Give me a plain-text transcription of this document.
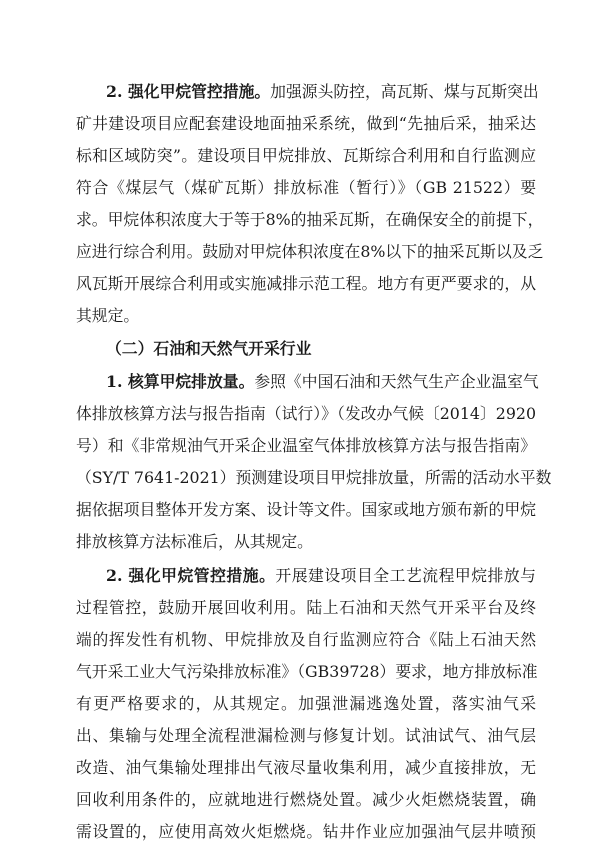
2. 强化甲烷管控措施。加强源头防控，高瓦斯、煤与瓦斯突出
矿井建设项目应配套建设地面抽采系统，做到“先抽后采，抽采达
标和区域防突”。建设项目甲烷排放、瓦斯综合利用和自行监测应
符合《煤层气（煤矿瓦斯）排放标准（暂行）》（GB 21522）要
求。甲烷体积浓度大于等于8%的抽采瓦斯，在确保安全的前提下，
应进行综合利用。鼓励对甲烷体积浓度在8%以下的抽采瓦斯以及乏
风瓦斯开展综合利用或实施减排示范工程。地方有更严要求的，从
其规定。
（二）石油和天然气开采行业
1. 核算甲烷排放量。参照《中国石油和天然气生产企业温室气
体排放核算方法与报告指南（试行）》（发改办气候〔2014〕2920
号）和《非常规油气开采企业温室气体排放核算方法与报告指南》
（SY/T 7641-2021）预测建设项目甲烷排放量，所需的活动水平数
据依据项目整体开发方案、设计等文件。国家或地方颁布新的甲烷
排放核算方法标准后，从其规定。
2. 强化甲烷管控措施。开展建设项目全工艺流程甲烷排放与
过程管控，鼓励开展回收利用。陆上石油和天然气开采平台及终
端的挥发性有机物、甲烷排放及自行监测应符合《陆上石油天然
气开采工业大气污染排放标准》（GB39728）要求，地方排放标准
有更严格要求的，从其规定。加强泄漏逃逸处置，落实油气采
出、集输与处理全流程泄漏检测与修复计划。试油试气、油气层
改造、油气集输处理排出气液尽量收集利用，减少直接排放，无
回收利用条件的，应就地进行燃烧处置。减少火炬燃烧装置，确
需设置的，应使用高效火炬燃烧。钻井作业应加强油气层井喷预
